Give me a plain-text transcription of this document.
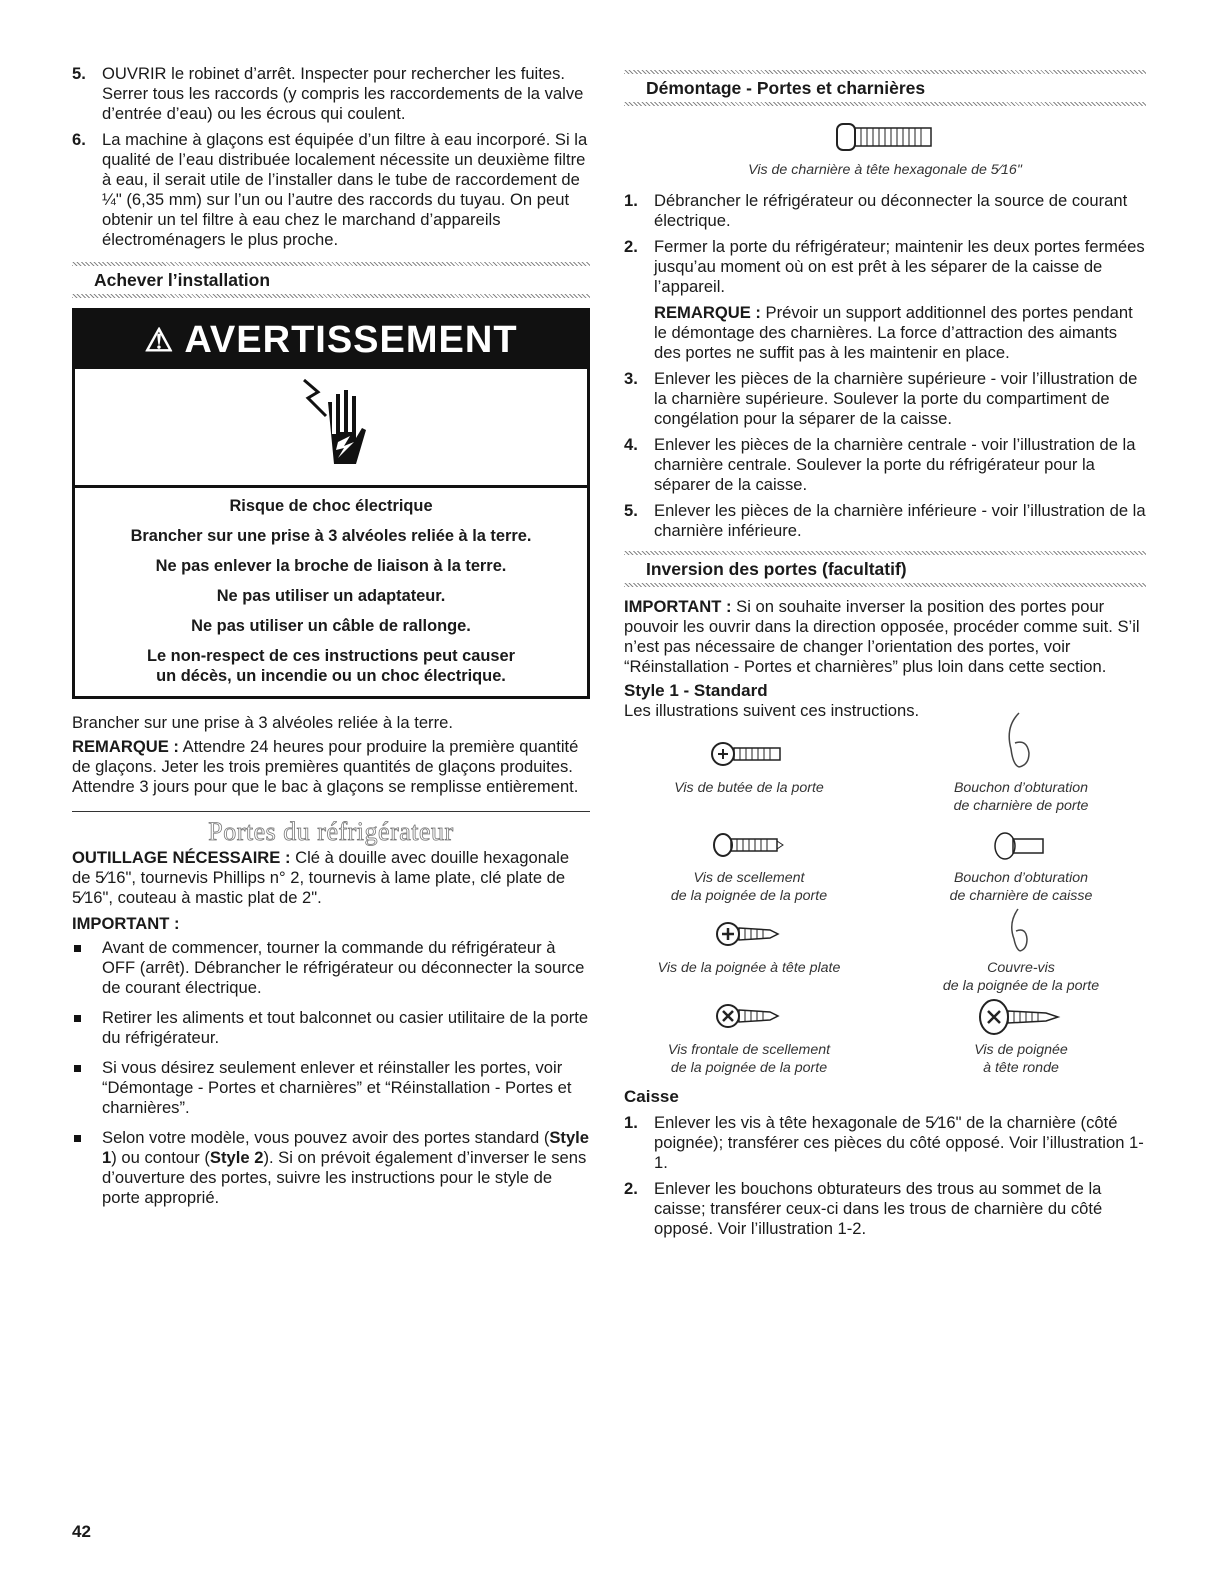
5. OUVRIR le robinet d’arrêt. Inspecter pour rechercher les fuites. Serrer tous les raccords (y compris les raccordements de la valve d’entrée d’eau) ou les écrous qui coulent.
6. La machine à glaçons est équipée d’un filtre à eau incorporé. Si la qualité de l’eau distribuée localement nécessite un deuxième filtre à eau, il serait utile de l’installer dans le tube de raccordement de ¼" (6,35 mm) sur l’un ou l’autre des raccords du tuyau. On peut obtenir un tel filtre à eau chez le marchand d’appareils électroménagers le plus proche.
Achever l’installation
⚠ AVERTISSEMENT

Risque de choc électrique

Brancher sur une prise à 3 alvéoles reliée à la terre.

Ne pas enlever la broche de liaison à la terre.

Ne pas utiliser un adaptateur.

Ne pas utiliser un câble de rallonge.

Le non-respect de ces instructions peut causer

un décès, un incendie ou un choc électrique.

Brancher sur une prise à 3 alvéoles reliée à la terre.

REMARQUE : Attendre 24 heures pour produire la première quantité de glaçons. Jeter les trois premières quantités de glaçons produites. Attendre 3 jours pour que le bac à glaçons se remplisse entièrement.

Portes du réfrigérateur

OUTILLAGE NÉCESSAIRE : Clé à douille avec douille hexagonale de 5⁄16", tournevis Phillips n° 2, tournevis à lame plate, clé plate de 5⁄16", couteau à mastic plat de 2".

IMPORTANT :

Avant de commencer, tourner la commande du réfrigérateur à OFF (arrêt). Débrancher le réfrigérateur ou déconnecter la source de courant électrique.
Retirer les aliments et tout balconnet ou casier utilitaire de la porte du réfrigérateur.
Si vous désirez seulement enlever et réinstaller les portes, voir “Démontage - Portes et charnières” et “Réinstallation - Portes et charnières”.
Selon votre modèle, vous pouvez avoir des portes standard (Style 1) ou contour (Style 2). Si on prévoit également d’inverser le sens d’ouverture des portes, suivre les instructions pour le style de porte approprié.
Démontage - Portes et charnières
Vis de charnière à tête hexagonale de 5⁄16"
1. Débrancher le réfrigérateur ou déconnecter la source de courant électrique.
2. Fermer la porte du réfrigérateur; maintenir les deux portes fermées jusqu’au moment où on est prêt à les séparer de la caisse de l’appareil.
REMARQUE : Prévoir un support additionnel des portes pendant le démontage des charnières. La force d’attraction des aimants des portes ne suffit pas à les maintenir en place.
3. Enlever les pièces de la charnière supérieure - voir l’illustration de la charnière supérieure. Soulever la porte du compartiment de congélation pour la séparer de la caisse.
4. Enlever les pièces de la charnière centrale - voir l’illustration de la charnière centrale. Soulever la porte du réfrigérateur pour la séparer de la caisse.
5. Enlever les pièces de la charnière inférieure - voir l’illustration de la charnière inférieure.
Inversion des portes (facultatif)

IMPORTANT : Si on souhaite inverser la position des portes pour pouvoir les ouvrir dans la direction opposée, procéder comme suit. S’il n’est pas nécessaire de changer l’orientation des portes, voir “Réinstallation - Portes et charnières” plus loin dans cette section.

Style 1 - Standard
Les illustrations suivent ces instructions.
Vis de butée de la porte	Bouchon d’obturation
de charnière de porte
Vis de scellement
de la poignée de la porte
Bouchon d’obturation
de charnière de caisse
Vis de la poignée à tête plate	Couvre-vis
de la poignée de la porte
Vis frontale de scellement
de la poignée de la porte
Vis de poignée
à tête ronde
Caisse
1. Enlever les vis à tête hexagonale de 5⁄16" de la charnière (côté poignée); transférer ces pièces du côté opposé. Voir l’illustration 1-1.
2. Enlever les bouchons obturateurs des trous au sommet de la caisse; transférer ceux-ci dans les trous de charnière du côté opposé. Voir l’illustration 1-2.
42
